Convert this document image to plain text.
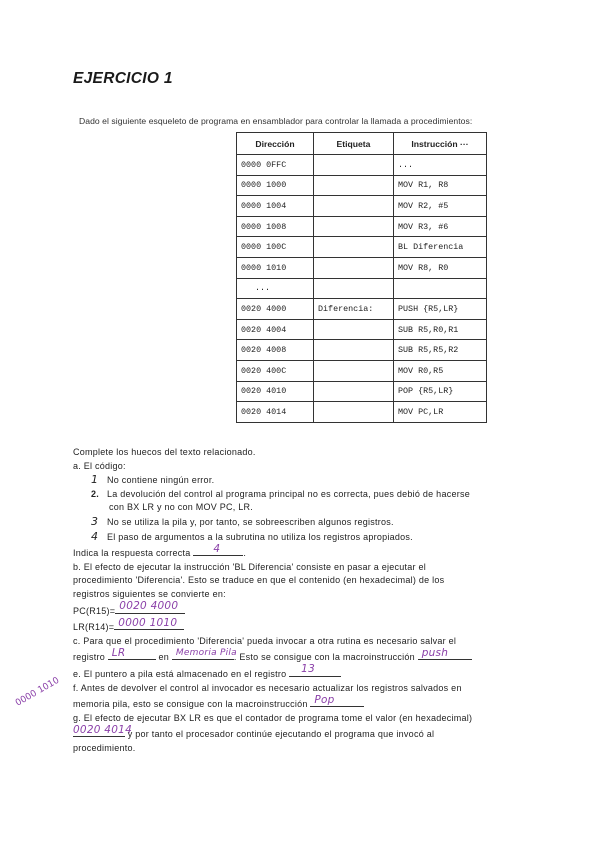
EJERCICIO 1
Dado el siguiente esqueleto de programa en ensamblador para controlar la llamada a procedimientos:
Dirección	Etiqueta	Instrucción ···
0000 0FFC		...
0000 1000		MOV R1, R8
0000 1004		MOV R2, #5
0000 1008		MOV R3, #6
0000 100C		BL Diferencia
0000 1010		MOV R8, R0
...		
0020 4000	Diferencia:	PUSH {R5,LR}
0020 4004		SUB R5,R0,R1
0020 4008		SUB R5,R5,R2
0020 400C		MOV R0,R5
0020 4010		POP {R5,LR}
0020 4014		MOV PC,LR

Complete los huecos del texto relacionado.

a. El código:

1 No contiene ningún error.

2. La devolución del control al programa principal no es correcta, pues debió de hacerse

con BX LR y no con MOV PC, LR.

3 No se utiliza la pila y, por tanto, se sobreescriben algunos registros.

4 El paso de argumentos a la subrutina no utiliza los registros apropiados.

Indica la respuesta correcta 4	.

b. El efecto de ejecutar la instrucción 'BL Diferencia' consiste en pasar a ejecutar el

procedimiento 'Diferencia'. Esto se traduce en que el contenido (en hexadecimal) de los

registros siguientes se convierte en:

PC(R15)= 0020 4000

LR(R14)= 0000 1010

c. Para que el procedimiento 'Diferencia' pueda invocar a otra rutina es necesario salvar el

registro LR	en Memoria Pila
. Esto se consigue con la macroinstrucción push

e. El puntero a pila está almacenado en el registro 13

f. Antes de devolver el control al invocador es necesario actualizar los registros salvados en

memoria pila, esto se consigue con la macroinstrucción Pop

g. El efecto de ejecutar BX LR es que el contador de programa tome el valor (en hexadecimal)

0020 4014
y por tanto el procesador continúe ejecutando el programa que invocó al

procedimiento.

0000 1010
